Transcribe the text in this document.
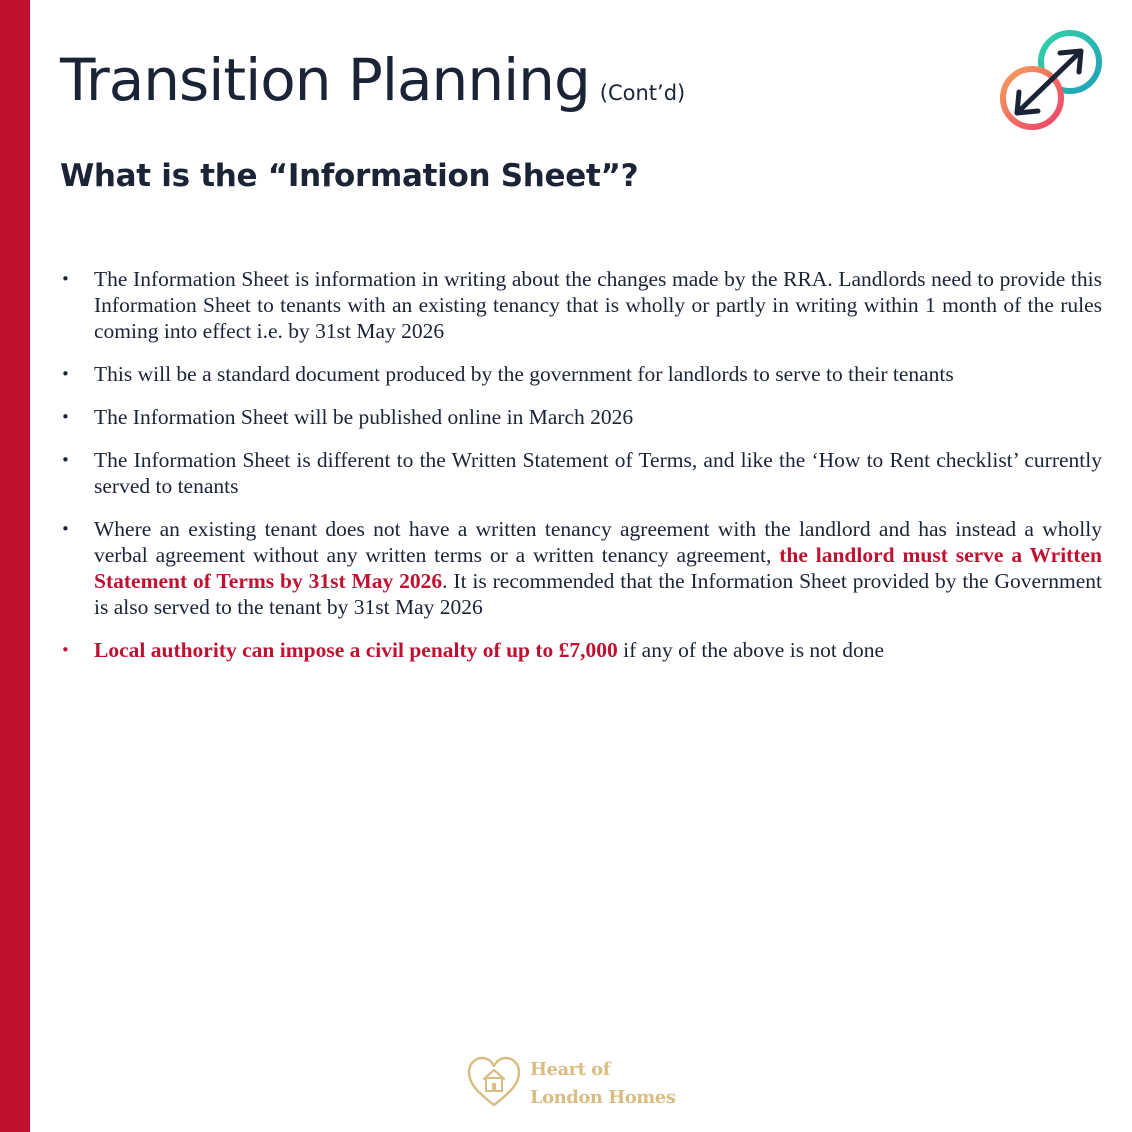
Transition Planning (Cont’d)
What is the “Information Sheet”?
• The Information Sheet is information in writing about the changes made by the RRA. Landlords need to provide this Information Sheet to tenants with an existing tenancy that is wholly or partly in writing within 1 month of the rules coming into effect i.e. by 31st May 2026
• This will be a standard document produced by the government for landlords to serve to their tenants
• The Information Sheet will be published online in March 2026
• The Information Sheet is different to the Written Statement of Terms, and like the ‘How to Rent checklist’ currently served to tenants
• Where an existing tenant does not have a written tenancy agreement with the landlord and has instead a wholly verbal agreement without any written terms or a written tenancy agreement, the landlord must serve a Written Statement of Terms by 31st May 2026. It is recommended that the Information Sheet provided by the Government is also served to the tenant by 31st May 2026
• Local authority can impose a civil penalty of up to £7,000 if any of the above is not done
Heart of
London Homes
